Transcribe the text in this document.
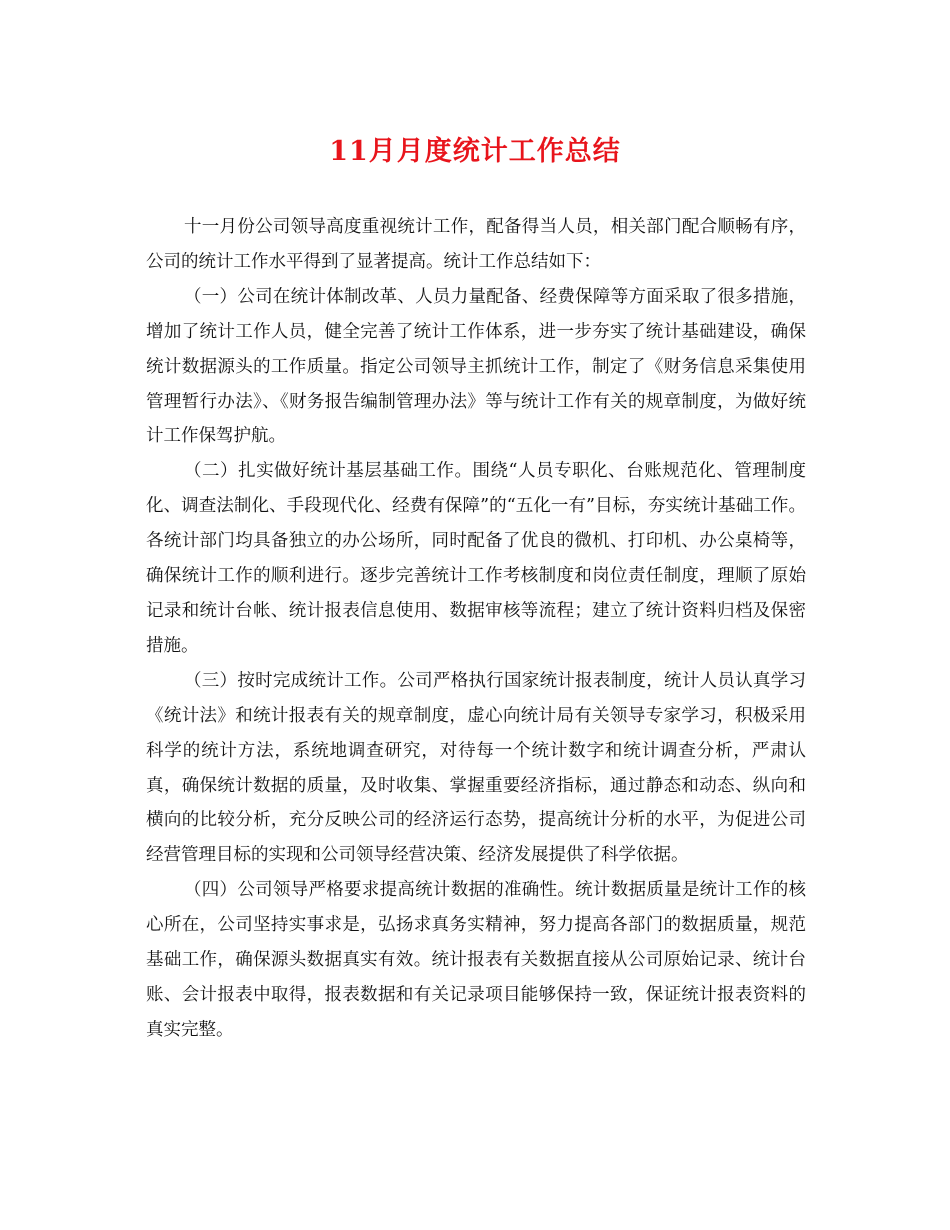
11月月度统计工作总结

十一月份公司领导高度重视统计工作，配备得当人员，相关部门配合顺畅有序，公司的统计工作水平得到了显著提高。统计工作总结如下：

（一）公司在统计体制改革、人员力量配备、经费保障等方面采取了很多措施，增加了统计工作人员，健全完善了统计工作体系，进一步夯实了统计基础建设，确保统计数据源头的工作质量。指定公司领导主抓统计工作，制定了《财务信息采集使用管理暂行办法》、《财务报告编制管理办法》等与统计工作有关的规章制度，为做好统计工作保驾护航。

（二）扎实做好统计基层基础工作。围绕“人员专职化、台账规范化、管理制度化、调查法制化、手段现代化、经费有保障”的“五化一有”目标，夯实统计基础工作。各统计部门均具备独立的办公场所，同时配备了优良的微机、打印机、办公桌椅等，确保统计工作的顺利进行。逐步完善统计工作考核制度和岗位责任制度，理顺了原始记录和统计台帐、统计报表信息使用、数据审核等流程；建立了统计资料归档及保密措施。

（三）按时完成统计工作。公司严格执行国家统计报表制度，统计人员认真学习《统计法》和统计报表有关的规章制度，虚心向统计局有关领导专家学习，积极采用科学的统计方法，系统地调查研究，对待每一个统计数字和统计调查分析，严肃认真，确保统计数据的质量，及时收集、掌握重要经济指标，通过静态和动态、纵向和横向的比较分析，充分反映公司的经济运行态势，提高统计分析的水平，为促进公司经营管理目标的实现和公司领导经营决策、经济发展提供了科学依据。

（四）公司领导严格要求提高统计数据的准确性。统计数据质量是统计工作的核心所在，公司坚持实事求是，弘扬求真务实精神，努力提高各部门的数据质量，规范基础工作，确保源头数据真实有效。统计报表有关数据直接从公司原始记录、统计台账、会计报表中取得，报表数据和有关记录项目能够保持一致，保证统计报表资料的真实完整。
